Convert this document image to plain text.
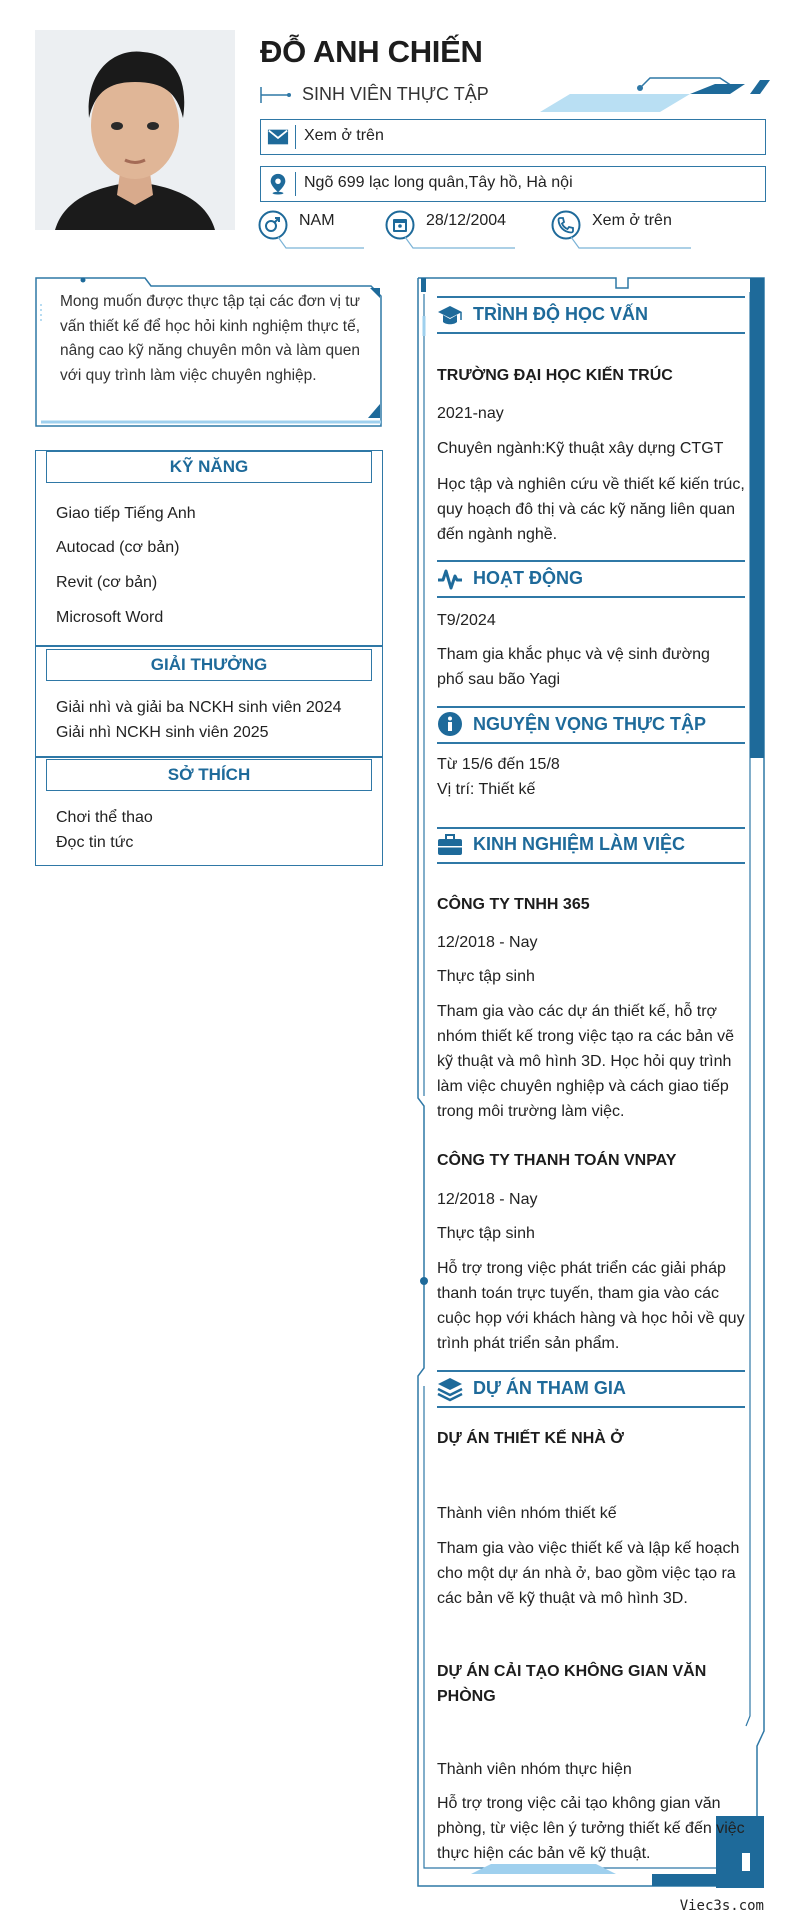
ĐỖ ANH CHIẾN
SINH VIÊN THỰC TẬP
Xem ở trên
Ngõ 699 lạc long quân,Tây hồ, Hà nội
NAM	28/12/2004	Xem ở trên
Mong muốn được thực tập tại các đơn vị tư vấn thiết kế để học hỏi kinh nghiệm thực tế, nâng cao kỹ năng chuyên môn và làm quen với quy trình làm việc chuyên nghiệp.
KỸ NĂNG
Giao tiếp Tiếng Anh
Autocad (cơ bản)
Revit (cơ bản)
Microsoft Word
GIẢI THƯỞNG
Giải nhì và giải ba NCKH sinh viên 2024
Giải nhì NCKH sinh viên 2025
SỞ THÍCH
Chơi thể thao
Đọc tin tức
TRÌNH ĐỘ HỌC VẤN
TRƯỜNG ĐẠI HỌC KIẾN TRÚC
2021-nay
Chuyên ngành:Kỹ thuật xây dựng CTGT
Học tập và nghiên cứu về thiết kế kiến trúc, quy hoạch đô thị và các kỹ năng liên quan đến ngành nghề.
HOẠT ĐỘNG
T9/2024
Tham gia khắc phục và vệ sinh đường phố sau bão Yagi
NGUYỆN VỌNG THỰC TẬP
Từ 15/6 đến 15/8
Vị trí: Thiết kế
KINH NGHIỆM LÀM VIỆC
CÔNG TY TNHH 365
12/2018 - Nay
Thực tập sinh
Tham gia vào các dự án thiết kế, hỗ trợ nhóm thiết kế trong việc tạo ra các bản vẽ kỹ thuật và mô hình 3D. Học hỏi quy trình làm việc chuyên nghiệp và cách giao tiếp trong môi trường làm việc.
CÔNG TY THANH TOÁN VNPAY
12/2018 - Nay
Thực tập sinh
Hỗ trợ trong việc phát triển các giải pháp thanh toán trực tuyến, tham gia vào các cuộc họp với khách hàng và học hỏi về quy trình phát triển sản phẩm.
DỰ ÁN THAM GIA
DỰ ÁN THIẾT KẾ NHÀ Ở
Thành viên nhóm thiết kế
Tham gia vào việc thiết kế và lập kế hoạch cho một dự án nhà ở, bao gồm việc tạo ra các bản vẽ kỹ thuật và mô hình 3D.
DỰ ÁN CẢI TẠO KHÔNG GIAN VĂN PHÒNG
Thành viên nhóm thực hiện
Hỗ trợ trong việc cải tạo không gian văn phòng, từ việc lên ý tưởng thiết kế đến việc thực hiện các bản vẽ kỹ thuật.
Viec3s.com
